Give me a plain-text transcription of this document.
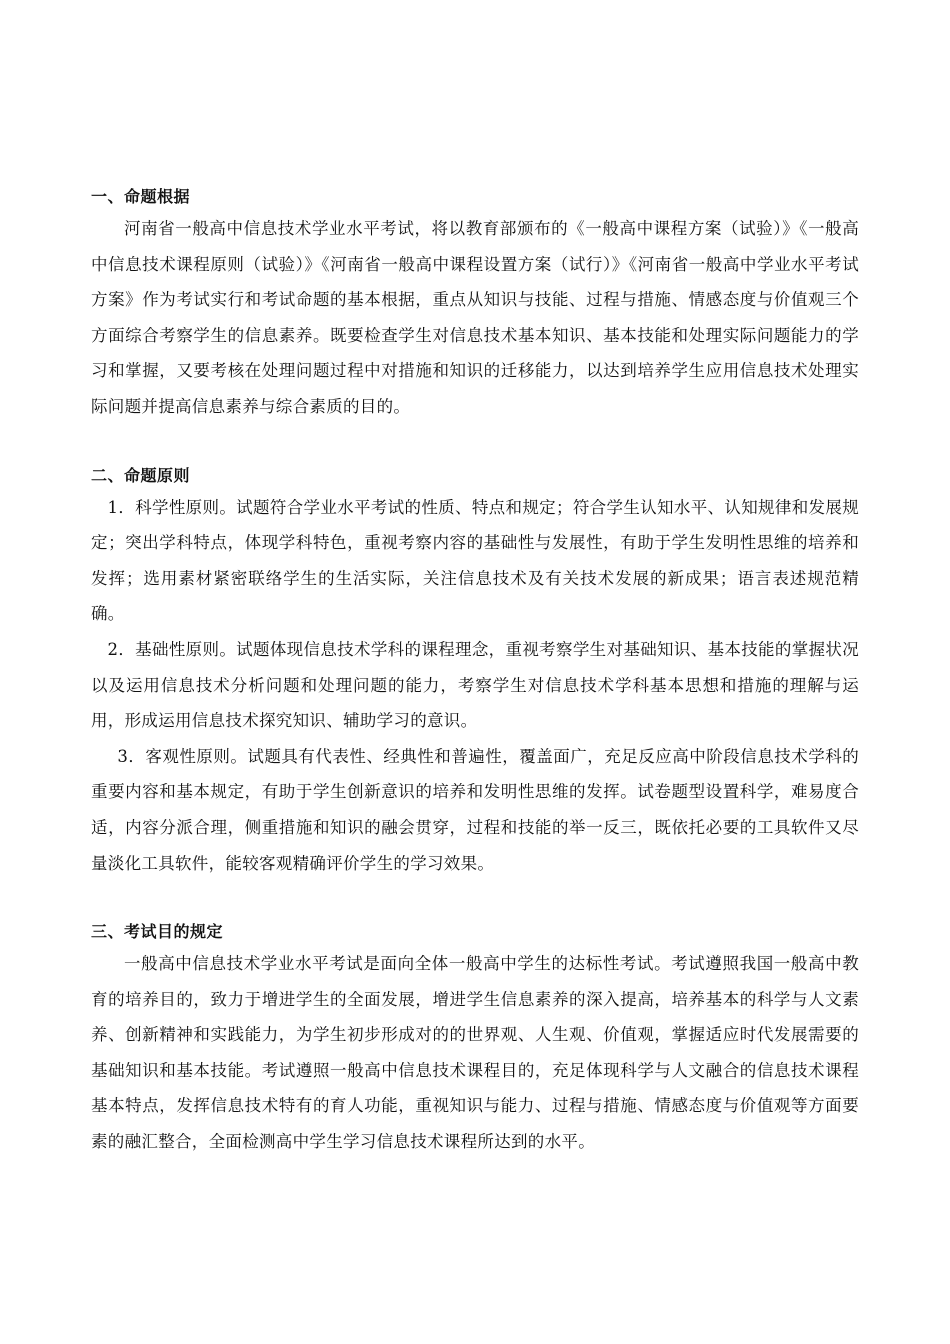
一、命题根据

河南省一般高中信息技术学业水平考试，将以教育部颁布的《一般高中课程方案（试验）》《一般高中信息技术课程原则（试验）》《河南省一般高中课程设置方案（试行）》《河南省一般高中学业水平考试方案》作为考试实行和考试命题的基本根据，重点从知识与技能、过程与措施、情感态度与价值观三个方面综合考察学生的信息素养。既要检查学生对信息技术基本知识、基本技能和处理实际问题能力的学习和掌握，又要考核在处理问题过程中对措施和知识的迁移能力，以达到培养学生应用信息技术处理实际问题并提高信息素养与综合素质的目的。

二、命题原则

1．科学性原则。试题符合学业水平考试的性质、特点和规定；符合学生认知水平、认知规律和发展规定；突出学科特点，体现学科特色，重视考察内容的基础性与发展性，有助于学生发明性思维的培养和发挥；选用素材紧密联络学生的生活实际，关注信息技术及有关技术发展的新成果；语言表述规范精确。

2．基础性原则。试题体现信息技术学科的课程理念，重视考察学生对基础知识、基本技能的掌握状况以及运用信息技术分析问题和处理问题的能力，考察学生对信息技术学科基本思想和措施的理解与运用，形成运用信息技术探究知识、辅助学习的意识。

3．客观性原则。试题具有代表性、经典性和普遍性，覆盖面广，充足反应高中阶段信息技术学科的重要内容和基本规定，有助于学生创新意识的培养和发明性思维的发挥。试卷题型设置科学，难易度合适，内容分派合理，侧重措施和知识的融会贯穿，过程和技能的举一反三，既依托必要的工具软件又尽量淡化工具软件，能较客观精确评价学生的学习效果。

三、考试目的规定

一般高中信息技术学业水平考试是面向全体一般高中学生的达标性考试。考试遵照我国一般高中教育的培养目的，致力于增进学生的全面发展，增进学生信息素养的深入提高，培养基本的科学与人文素养、创新精神和实践能力，为学生初步形成对的的世界观、人生观、价值观，掌握适应时代发展需要的基础知识和基本技能。考试遵照一般高中信息技术课程目的，充足体现科学与人文融合的信息技术课程基本特点，发挥信息技术特有的育人功能，重视知识与能力、过程与措施、情感态度与价值观等方面要素的融汇整合，全面检测高中学生学习信息技术课程所达到的水平。
